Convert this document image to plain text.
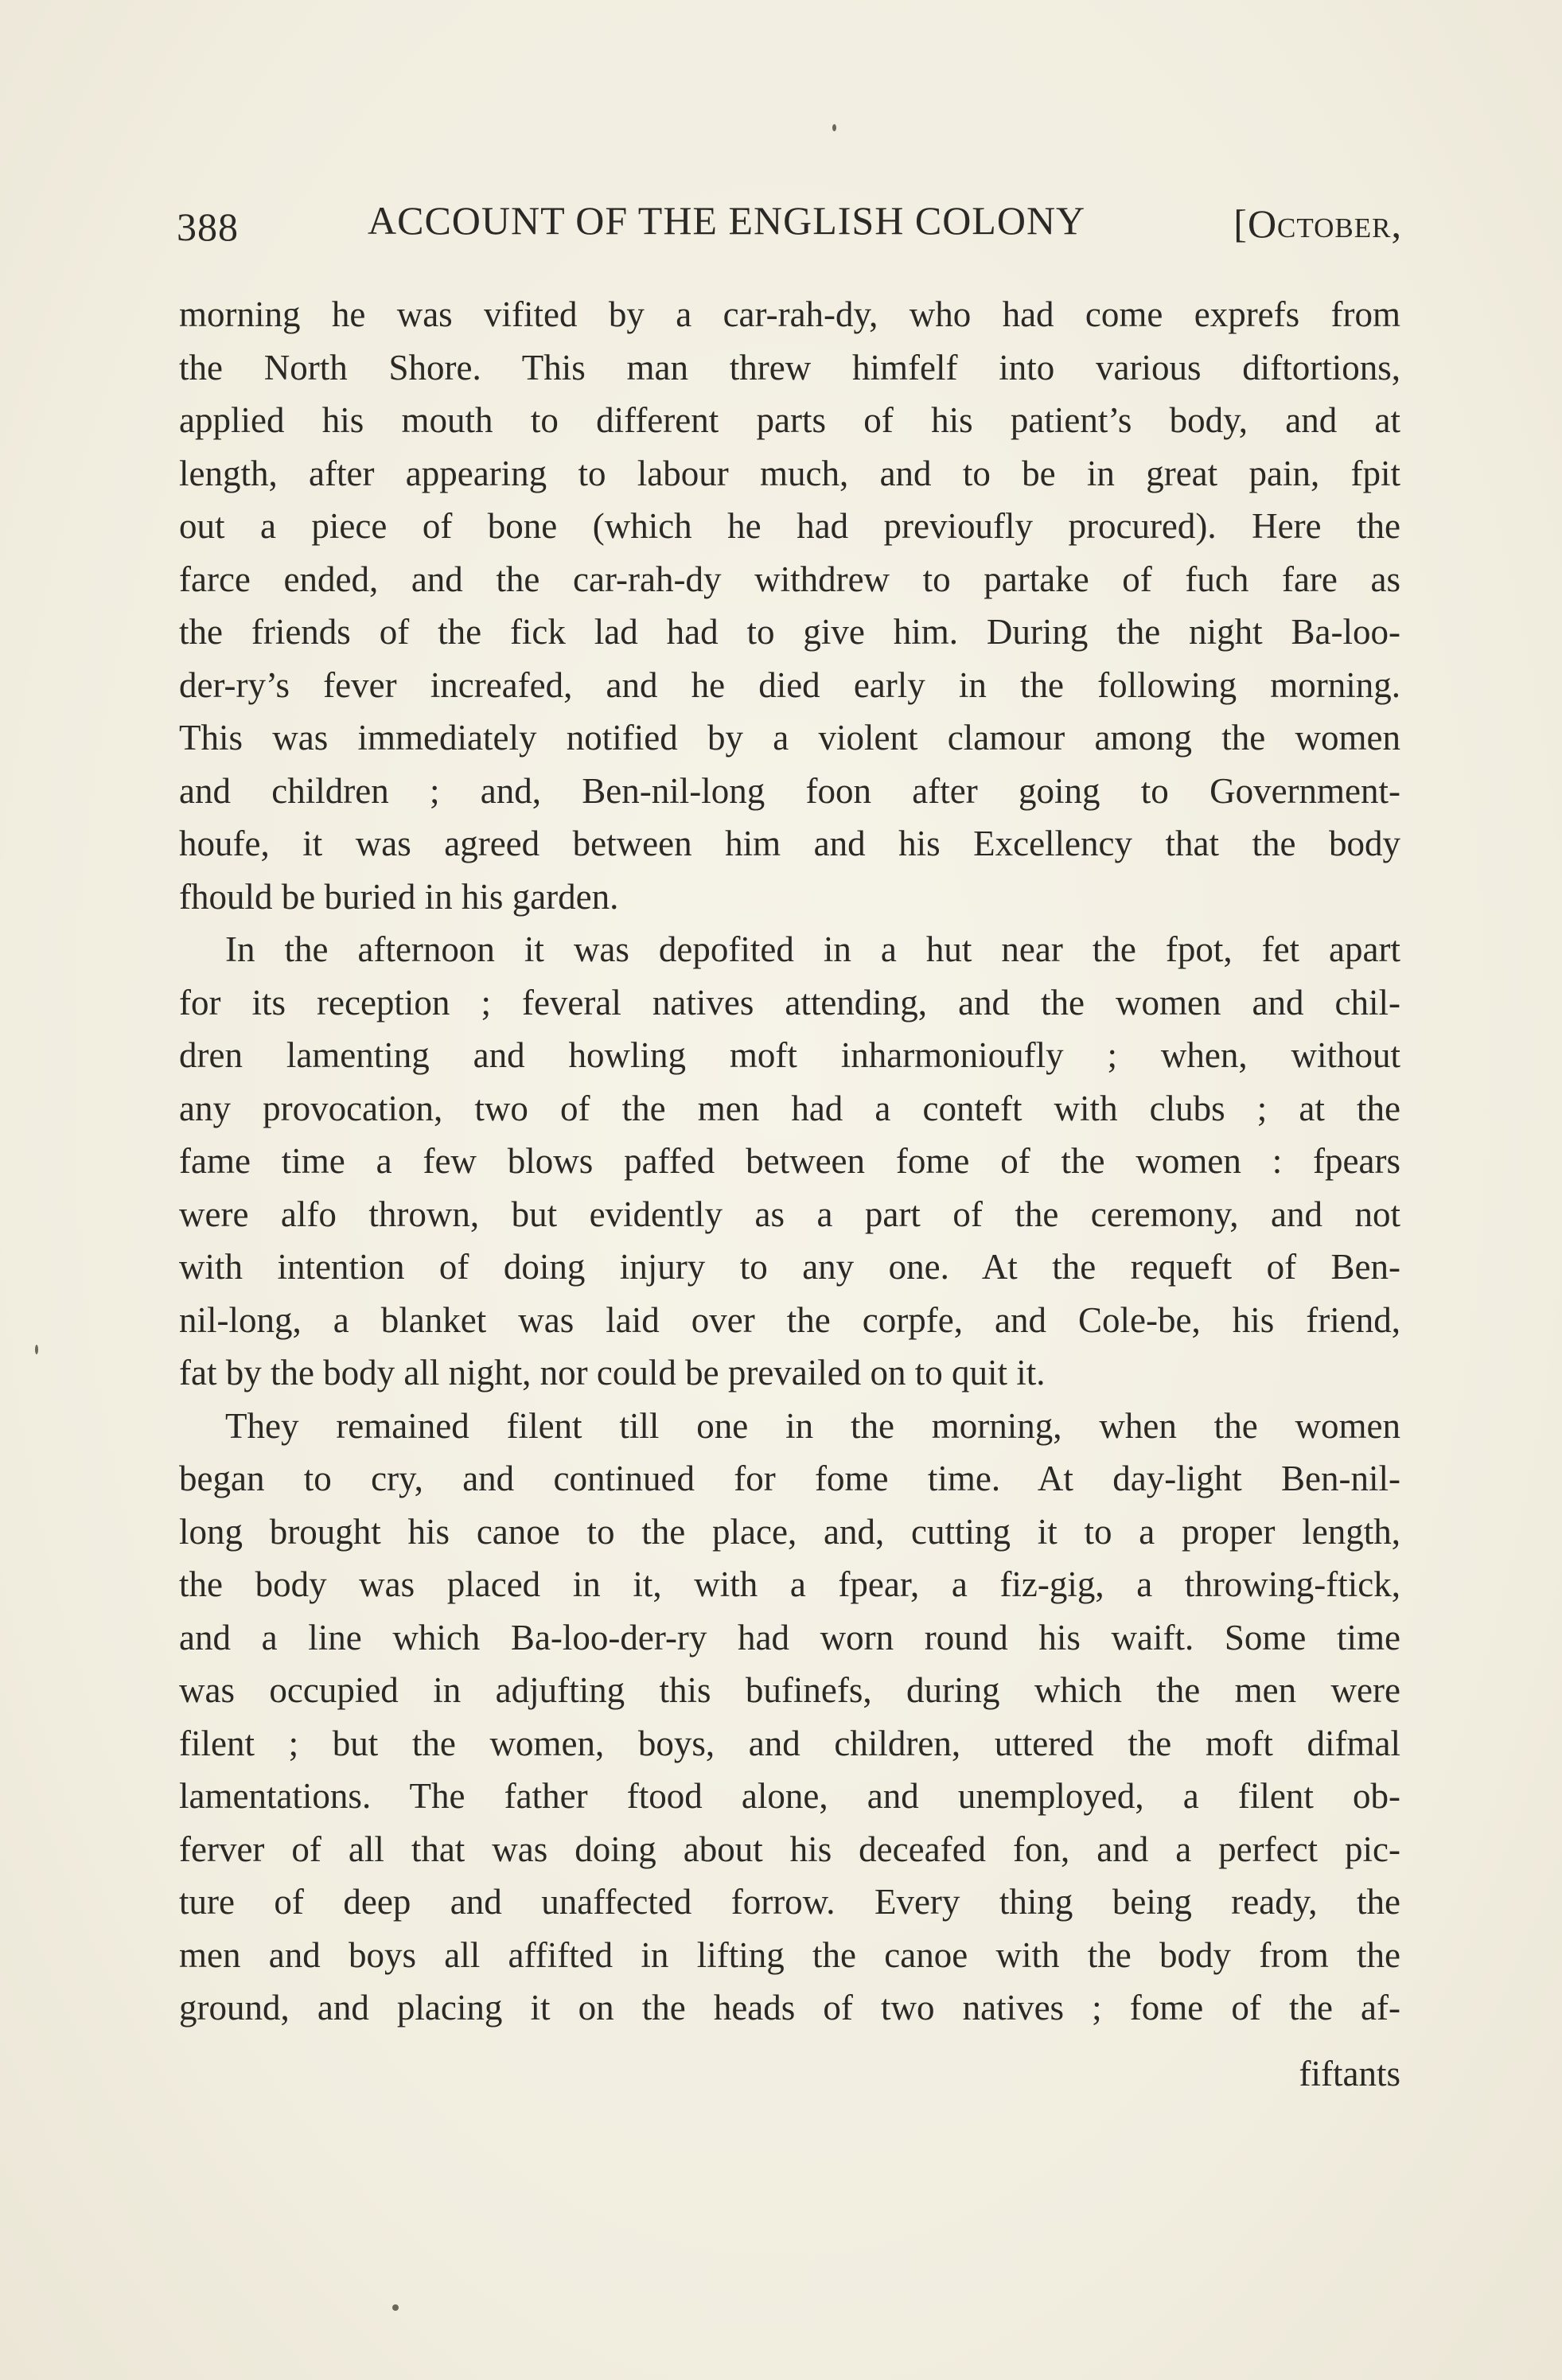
388	ACCOUNT OF THE ENGLISH COLONY	[October,
morning he was vifited by a car-rah-dy, who had come exprefs from
the North Shore. This man threw himfelf into various diftortions,
applied his mouth to different parts of his patient’s body, and at
length, after appearing to labour much, and to be in great pain, fpit
out a piece of bone (which he had previoufly procured). Here the
farce ended, and the car-rah-dy withdrew to partake of fuch fare as
the friends of the fick lad had to give him. During the night Ba-loo-
der-ry’s fever increafed, and he died early in the following morning.
This was immediately notified by a violent clamour among the women
and children ; and, Ben-nil-long foon after going to Government-
houfe, it was agreed between him and his Excellency that the body
fhould be buried in his garden.
In the afternoon it was depofited in a hut near the fpot, fet apart
for its reception ; feveral natives attending, and the women and chil-
dren lamenting and howling moft inharmonioufly ; when, without
any provocation, two of the men had a conteft with clubs ; at the
fame time a few blows paffed between fome of the women : fpears
were alfo thrown, but evidently as a part of the ceremony, and not
with intention of doing injury to any one. At the requeft of Ben-
nil-long, a blanket was laid over the corpfe, and Cole-be, his friend,
fat by the body all night, nor could be prevailed on to quit it.
They remained filent till one in the morning, when the women
began to cry, and continued for fome time. At day-light Ben-nil-
long brought his canoe to the place, and, cutting it to a proper length,
the body was placed in it, with a fpear, a fiz-gig, a throwing-ftick,
and a line which Ba-loo-der-ry had worn round his waift. Some time
was occupied in adjufting this bufinefs, during which the men were
filent ; but the women, boys, and children, uttered the moft difmal
lamentations. The father ftood alone, and unemployed, a filent ob-
ferver of all that was doing about his deceafed fon, and a perfect pic-
ture of deep and unaffected forrow. Every thing being ready, the
men and boys all affifted in lifting the canoe with the body from the
ground, and placing it on the heads of two natives ; fome of the af-
fiftants
